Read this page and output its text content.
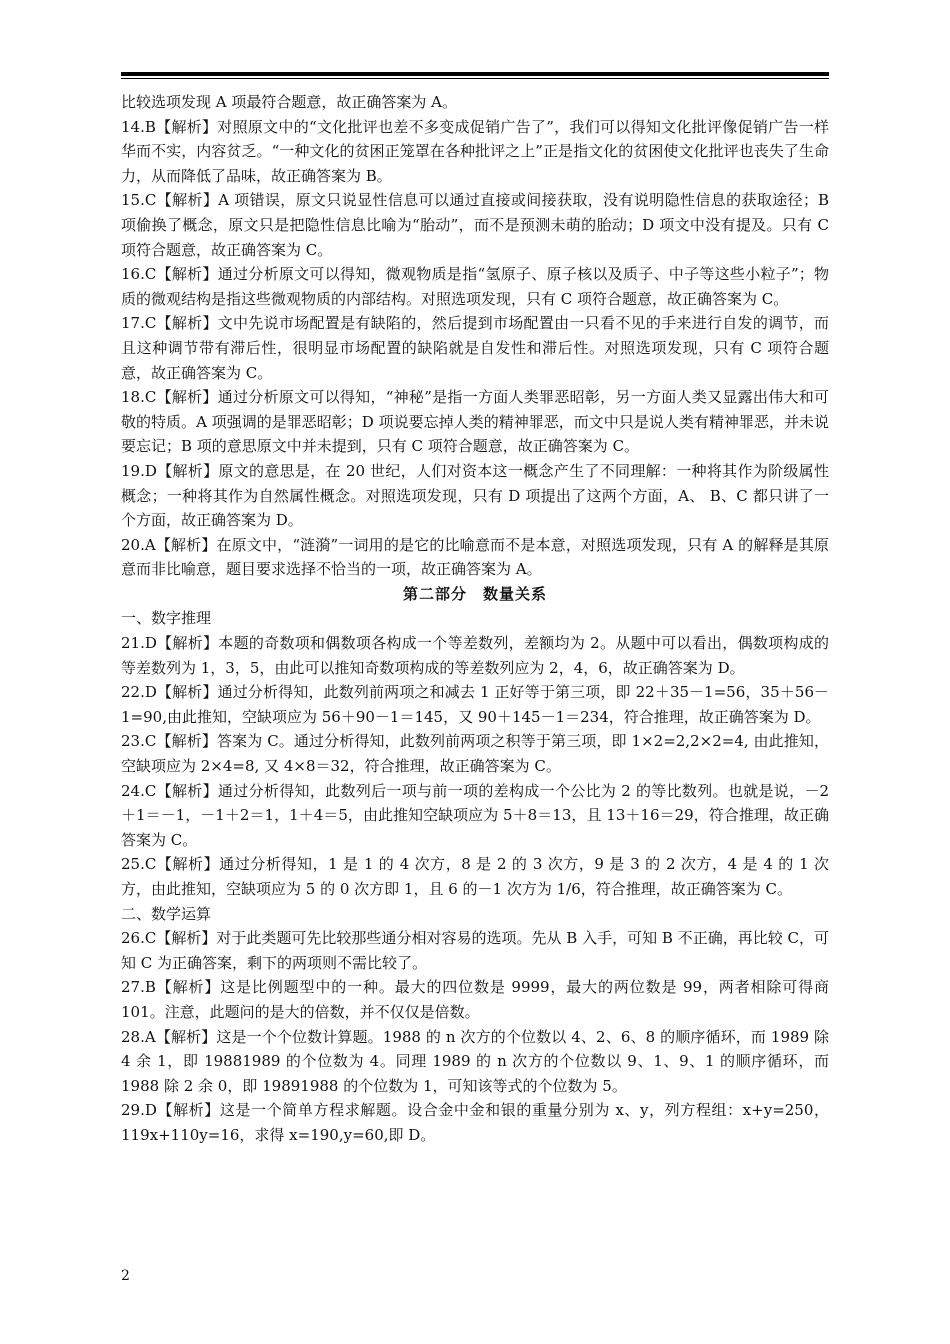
比较选项发现 A 项最符合题意，故正确答案为 A。

14.B【解析】对照原文中的“文化批评也差不多变成促销广告了”，我们可以得知文化批评像促销广告一样华而不实，内容贫乏。“一种文化的贫困正笼罩在各种批评之上”正是指文化的贫困使文化批评也丧失了生命力，从而降低了品味，故正确答案为 B。

15.C【解析】A 项错误，原文只说显性信息可以通过直接或间接获取，没有说明隐性信息的获取途径；B 项偷换了概念，原文只是把隐性信息比喻为“胎动”，而不是预测未萌的胎动；D 项文中没有提及。只有 C 项符合题意，故正确答案为 C。

16.C【解析】通过分析原文可以得知，微观物质是指“氢原子、原子核以及质子、中子等这些小粒子”；物质的微观结构是指这些微观物质的内部结构。对照选项发现，只有 C 项符合题意，故正确答案为 C。

17.C【解析】文中先说市场配置是有缺陷的，然后提到市场配置由一只看不见的手来进行自发的调节，而且这种调节带有滞后性，很明显市场配置的缺陷就是自发性和滞后性。对照选项发现，只有 C 项符合题意，故正确答案为 C。

18.C【解析】通过分析原文可以得知，“神秘”是指一方面人类罪恶昭彰，另一方面人类又显露出伟大和可敬的特质。A 项强调的是罪恶昭彰；D 项说要忘掉人类的精神罪恶，而文中只是说人类有精神罪恶，并未说要忘记；B 项的意思原文中并未提到，只有 C 项符合题意，故正确答案为 C。

19.D【解析】原文的意思是，在 20 世纪，人们对资本这一概念产生了不同理解：一种将其作为阶级属性概念；一种将其作为自然属性概念。对照选项发现，只有 D 项提出了这两个方面，A、 B、C 都只讲了一个方面，故正确答案为 D。

20.A【解析】在原文中，“涟漪”一词用的是它的比喻意而不是本意，对照选项发现，只有 A 的解释是其原意而非比喻意，题目要求选择不恰当的一项，故正确答案为 A。

第二部分　数量关系

一、数字推理

21.D【解析】本题的奇数项和偶数项各构成一个等差数列，差额均为 2。从题中可以看出，偶数项构成的等差数列为 1，3，5，由此可以推知奇数项构成的等差数列应为 2，4，6，故正确答案为 D。

22.D【解析】通过分析得知，此数列前两项之和减去 1 正好等于第三项，即 22＋35－1=56，35＋56－1=90,由此推知，空缺项应为 56＋90－1＝145，又 90＋145－1＝234，符合推理，故正确答案为 D。

23.C【解析】答案为 C。通过分析得知，此数列前两项之积等于第三项，即 1×2=2,2×2=4, 由此推知，空缺项应为 2×4=8, 又 4×8＝32，符合推理，故正确答案为 C。

24.C【解析】通过分析得知，此数列后一项与前一项的差构成一个公比为 2 的等比数列。也就是说，－2＋1＝－1，－1＋2＝1，1＋4＝5，由此推知空缺项应为 5＋8＝13，且 13＋16＝29，符合推理，故正确答案为 C。

25.C【解析】通过分析得知，1 是 1 的 4 次方，8 是 2 的 3 次方，9 是 3 的 2 次方，4 是 4 的 1 次方，由此推知，空缺项应为 5 的 0 次方即 1，且 6 的－1 次方为 1/6，符合推理，故正确答案为 C。

二、数学运算

26.C【解析】对于此类题可先比较那些通分相对容易的选项。先从 B 入手，可知 B 不正确，再比较 C，可知 C 为正确答案，剩下的两项则不需比较了。

27.B【解析】这是比例题型中的一种。最大的四位数是 9999，最大的两位数是 99，两者相除可得商 101。注意，此题问的是大的倍数，并不仅仅是倍数。

28.A【解析】这是一个个位数计算题。1988 的 n 次方的个位数以 4、2、6、8 的顺序循环，而 1989 除 4 余 1，即 19881989 的个位数为 4。同理 1989 的 n 次方的个位数以 9、1、9、1 的顺序循环，而 1988 除 2 余 0，即 19891988 的个位数为 1，可知该等式的个位数为 5。

29.D【解析】这是一个简单方程求解题。设合金中金和银的重量分别为 x、y，列方程组：x+y=250，119x+110y=16，求得 x=190,y=60,即 D。

2
